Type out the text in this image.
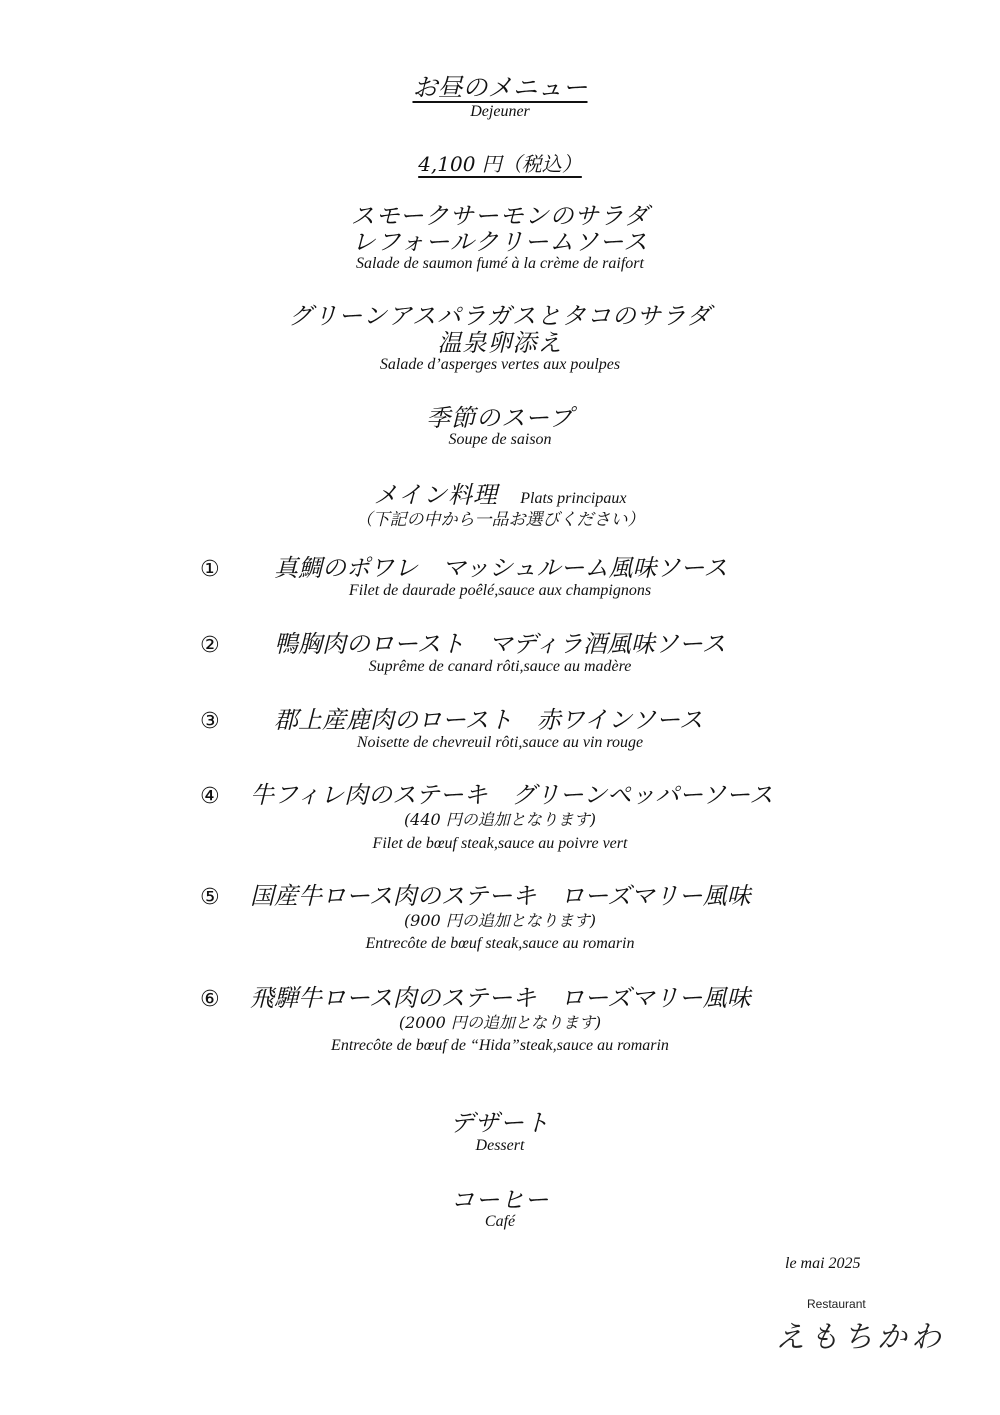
お昼のメニュー
Dejeuner
4,100 円（税込）
スモークサーモンのサラダ
レフォールクリームソース
Salade de saumon fumé à la crème de raifort
グリーンアスパラガスとタコのサラダ
温泉卵添え
Salade d’asperges vertes aux poulpes
季節のスープ
Soupe de saison
メイン料理 Plats principaux
（下記の中から一品お選びください）
① 真鯛のポワレ　マッシュルーム風味ソース
Filet de daurade poêlé,sauce aux champignons
② 鴨胸肉のロースト　マディラ酒風味ソース
Suprême de canard rôti,sauce au madère
③ 郡上産鹿肉のロースト　赤ワインソース
Noisette de chevreuil rôti,sauce au vin rouge
④ 牛フィレ肉のステーキ　グリーンペッパーソース
(440 円の追加となります)
Filet de bœuf steak,sauce au poivre vert
⑤ 国産牛ロース肉のステーキ　ローズマリー風味
(900 円の追加となります)
Entrecôte de bœuf steak,sauce au romarin
⑥ 飛騨牛ロース肉のステーキ　ローズマリー風味
(2000 円の追加となります)
Entrecôte de bœuf de “Hida”steak,sauce au romarin
デザート
Dessert
コーヒー
Café
le mai 2025
Restaurant
えもちかわ
